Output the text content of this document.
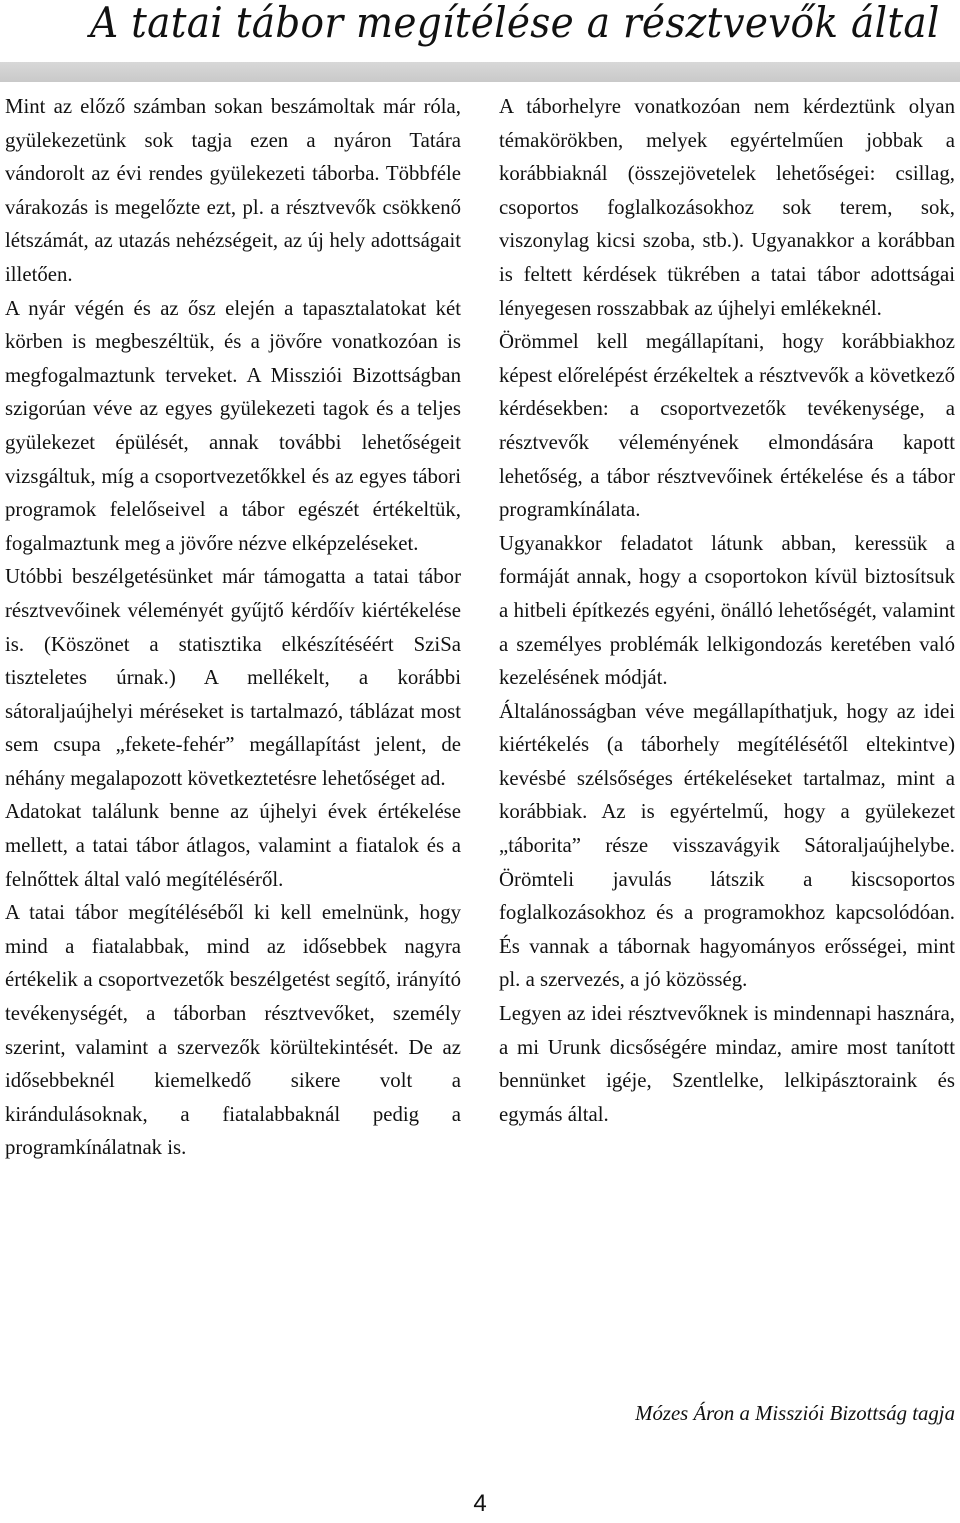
A tatai tábor megítélése a résztvevők által

Mint az előző számban sokan beszámoltak már róla, gyülekezetünk sok tagja ezen a nyáron Tatára vándorolt az évi rendes gyülekezeti táborba. Többféle várakozás is megelőzte ezt, pl. a résztvevők csökkenő létszámát, az utazás nehézségeit, az új hely adottságait illetően.

A nyár végén és az ősz elején a tapasztalatokat két körben is megbeszéltük, és a jövőre vonatkozóan is megfogalmaztunk terveket. A Missziói Bizottságban szigorúan véve az egyes gyülekezeti tagok és a teljes gyülekezet épülését, annak további lehetőségeit vizsgáltuk, míg a csoportvezetőkkel és az egyes tábori programok felelőseivel a tábor egészét értékeltük, fogalmaztunk meg a jövőre nézve elképzeléseket.

Utóbbi beszélgetésünket már támogatta a tatai tábor résztvevőinek véleményét gyűjtő kérdőív kiértékelése is. (Köszönet a statisztika elkészítéséért SziSa tiszteletes úrnak.) A mellékelt, a korábbi sátoraljaújhelyi méréseket is tartalmazó, táblázat most sem csupa „fekete-fehér” megállapítást jelent, de néhány megalapozott következtetésre lehetőséget ad.

Adatokat találunk benne az újhelyi évek értékelése mellett, a tatai tábor átlagos, valamint a fiatalok és a felnőttek által való megítéléséről.

A tatai tábor megítéléséből ki kell emelnünk, hogy mind a fiatalabbak, mind az idősebbek nagyra értékelik a csoportvezetők beszélgetést segítő, irányító tevékenységét, a táborban résztvevőket, személy szerint, valamint a szervezők körültekintését. De az idősebbeknél kiemelkedő sikere volt a kirándulásoknak, a fiatalabbaknál pedig a programkínálatnak is.

A táborhelyre vonatkozóan nem kérdeztünk olyan témakörökben, melyek egyértelműen jobbak a korábbiaknál (összejövetelek lehetőségei: csillag, csoportos foglalkozásokhoz sok terem, sok, viszonylag kicsi szoba, stb.). Ugyanakkor a korábban is feltett kérdések tükrében a tatai tábor adottságai lényegesen rosszabbak az újhelyi emlékeknél.

Örömmel kell megállapítani, hogy korábbiakhoz képest előrelépést érzékeltek a résztvevők a következő kérdésekben: a csoportvezetők tevékenysége, a résztvevők véleményének elmondására kapott lehetőség, a tábor résztvevőinek értékelése és a tábor programkínálata.

Ugyanakkor feladatot látunk abban, keressük a formáját annak, hogy a csoportokon kívül biztosítsuk a hitbeli építkezés egyéni, önálló lehetőségét, valamint a személyes problémák lelkigondozás keretében való kezelésének módját.

Általánosságban véve megállapíthatjuk, hogy az idei kiértékelés (a táborhely megítélésétől eltekintve) kevésbé szélsőséges értékeléseket tartalmaz, mint a korábbiak. Az is egyértelmű, hogy a gyülekezet „táborita” része visszavágyik Sátoraljaújhelybe. Örömteli javulás látszik a kiscsoportos foglalkozásokhoz és a programokhoz kapcsolódóan. És vannak a tábornak hagyományos erősségei, mint pl. a szervezés, a jó közösség.

Legyen az idei résztvevőknek is mindennapi hasznára, a mi Urunk dicsőségére mindaz, amire most tanított bennünket igéje, Szentlelke, lelkipásztoraink és egymás által.

Mózes Áron a Missziói Bizottság tagja
4
